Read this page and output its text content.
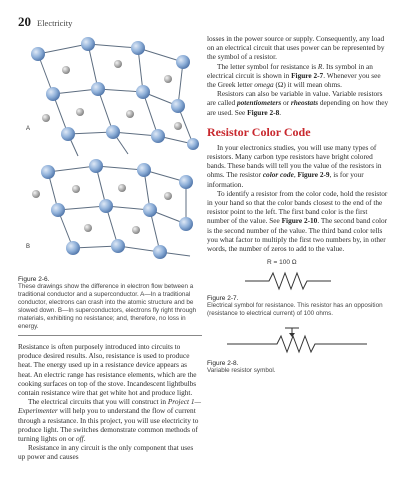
20 Electricity
A
B
Figure 2-6.
These drawings show the difference in electron flow between a traditional conductor and a superconductor. A—In a traditional conductor, electrons can crash into the atomic structure and be slowed down. B—In superconductors, electrons fly right through materials, exhibiting no resistance; and, therefore, no loss in energy.

Resistance is often purposely introduced into circuits to produce desired results. Also, resistance is used to produce heat. The energy used up in a resistance device appears as heat. An electric range has resistance elements, which are the cooking surfaces on top of the stove. Incandescent lightbulbs contain resistance wire that get white hot and produce light.

The electrical circuits that you will construct in Project 1—Experimenter will help you to understand the flow of current through a resistance. In this project, you will use electricity to produce light. The switches demonstrate common methods of turning lights on or off.

Resistance in any circuit is the only component that uses up power and causes

losses in the power source or supply. Consequently, any load on an electrical circuit that uses power can be represented by the symbol of a resistor.

The letter symbol for resistance is R. Its symbol in an electrical circuit is shown in Figure 2-7. Whenever you see the Greek letter omega (Ω) it will mean ohms.

Resistors can also be variable in value. Variable resistors are called potentiometers or rheostats depending on how they are used. See Figure 2-8.

Resistor Color Code

In your electronics studies, you will use many types of resistors. Many carbon type resistors have bright colored bands. These bands will tell you the value of the resistors in ohms. The resistor color code, Figure 2-9, is for your information.

To identify a resistor from the color code, hold the resistor in your hand so that the color bands closest to the end of the resistor point to the left. The first band color is the first number of the value. See Figure 2-10. The second band color is the second number of the value. The third band color tells you what factor to multiply the first two numbers by, in other words, the number of zeros to add to the value.

R = 100 Ω
Figure 2-7.
Electrical symbol for resistance. This resistor has an opposition (resistance to electrical current) of 100 ohms.
Figure 2-8.
Variable resistor symbol.
